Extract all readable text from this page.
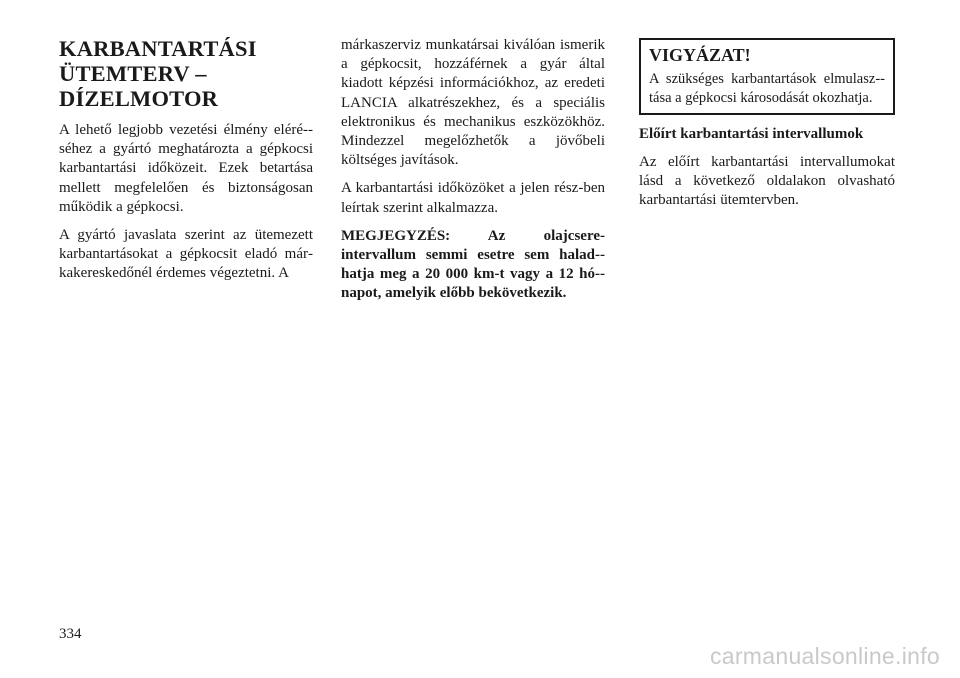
KARBANTARTÁSI
ÜTEMTERV –
DÍZELMOTOR

A lehető legjobb vezetési élmény eléré-séhez a gyártó meghatározta a gépkocsi karbantartási időközeit. Ezek betartása mellett megfelelően és biztonságosan működik a gépkocsi.

A gyártó javaslata szerint az ütemezett karbantartásokat a gépkocsit eladó márkakereskedőnél érdemes végeztetni. A

márkaszerviz munkatársai kiválóan ismerik a gépkocsit, hozzáférnek a gyár által kiadott képzési információkhoz, az eredeti LANCIA alkatrészekhez, és a speciális elektronikus és mechanikus eszközökhöz. Mindezzel megelőzhetők a jövőbeli költséges javítások.

A karbantartási időközöket a jelen rész-ben leírtak szerint alkalmazza.

MEGJEGYZÉS: Az olajcsere-intervallum semmi esetre sem halad-hatja meg a 20 000 km-t vagy a 12 hó-napot, amelyik előbb bekövetkezik.

VIGYÁZAT!

A szükséges karbantartások elmulasz-tása a gépkocsi károsodását okozhatja.

Előírt karbantartási intervallumok

Az előírt karbantartási intervallumokat lásd a következő oldalakon olvasható karbantartási ütemtervben.

334
carmanualsonline.info
